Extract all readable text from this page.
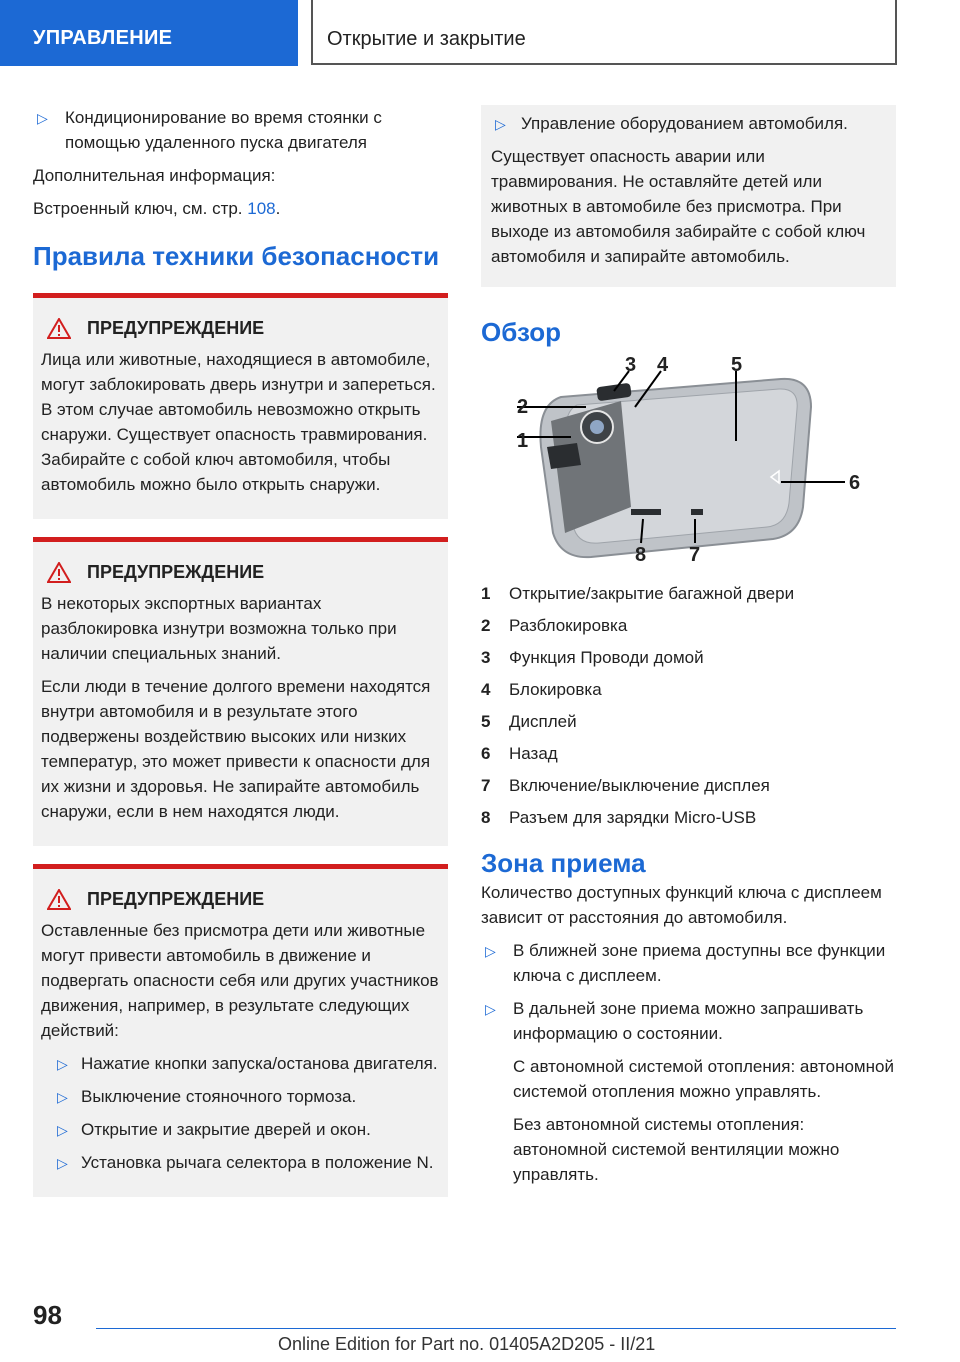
УПРАВЛЕНИЕ	Открытие и закрытие
▷ Кондиционирование во время стоянки с помощью удаленного пуска двигателя

Дополнительная информация:

Встроенный ключ, см. стр. 108.

Правила техники безопасности
ПРЕДУПРЕЖДЕНИЕ

Лица или животные, находящиеся в автомобиле, могут заблокировать дверь изнутри и запереться. В этом случае автомобиль невозможно открыть снаружи. Существует опасность травмирования. Забирайте с собой ключ автомобиля, чтобы автомобиль можно было открыть снаружи.

ПРЕДУПРЕЖДЕНИЕ

В некоторых экспортных вариантах разблокировка изнутри возможна только при наличии специальных знаний.

Если люди в течение долгого времени находятся внутри автомобиля и в результате этого подвержены воздействию высоких или низких температур, это может привести к опасности для их жизни и здоровья. Не запирайте автомобиль снаружи, если в нем находятся люди.

ПРЕДУПРЕЖДЕНИЕ

Оставленные без присмотра дети или животные могут привести автомобиль в движение и подвергать опасности себя или других участников движения, например, в результате следующих действий:

▷ Нажатие кнопки запуска/останова двигателя.
▷ Выключение стояночного тормоза.
▷ Открытие и закрытие дверей и окон.
▷ Установка рычага селектора в положение N.
▷ Управление оборудованием автомобиля.

Существует опасность аварии или травмирования. Не оставляйте детей или животных в автомобиле без присмотра. При выходе из автомобиля забирайте с собой ключ автомобиля и запирайте автомобиль.

Обзор
1
2
3 4	5
6
7
8
1	Открытие/закрытие багажной двери
2	Разблокировка
3	Функция Проводи домой
4	Блокировка
5	Дисплей
6	Назад
7	Включение/выключение дисплея
8	Разъем для зарядки Micro-USB
Зона приема

Количество доступных функций ключа с дисплеем зависит от расстояния до автомобиля.

▷ В ближней зоне приема доступны все функции ключа с дисплеем.
▷ В дальней зоне приема можно запрашивать информацию о состоянии.

С автономной системой отопления: автономной системой отопления можно управлять.

Без автономной системы отопления: автономной системой вентиляции можно управлять.

98
Online Edition for Part no. 01405A2D205 - II/21
